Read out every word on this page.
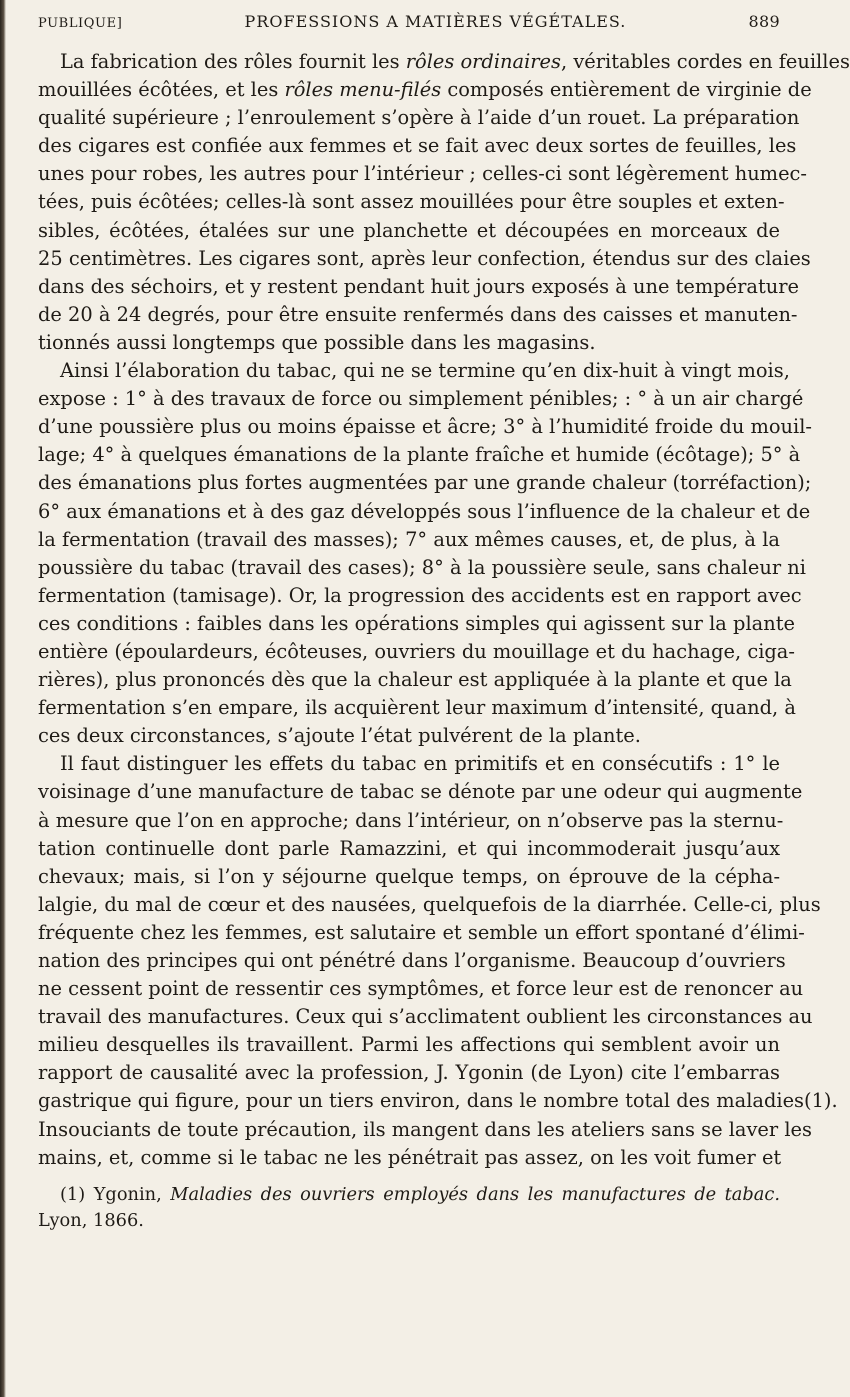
PUBLIQUE]	PROFESSIONS A MATIÈRES VÉGÉTALES.	889
La fabrication des rôles fournit les rôles ordinaires, véritables cordes en feuilles
mouillées écôtées, et les rôles menu-filés composés entièrement de virginie de
qualité supérieure ; l’enroulement s’opère à l’aide d’un rouet. La préparation
des cigares est confiée aux femmes et se fait avec deux sortes de feuilles, les
unes pour robes, les autres pour l’intérieur ; celles-ci sont légèrement humec-
tées, puis écôtées; celles-là sont assez mouillées pour être souples et exten-
sibles, écôtées, étalées sur une planchette et découpées en morceaux de
25 centimètres. Les cigares sont, après leur confection, étendus sur des claies
dans des séchoirs, et y restent pendant huit jours exposés à une température
de 20 à 24 degrés, pour être ensuite renfermés dans des caisses et manuten-
tionnés aussi longtemps que possible dans les magasins.
Ainsi l’élaboration du tabac, qui ne se termine qu’en dix-huit à vingt mois,
expose : 1° à des travaux de force ou simplement pénibles; : ° à un air chargé
d’une poussière plus ou moins épaisse et âcre; 3° à l’humidité froide du mouil-
lage; 4° à quelques émanations de la plante fraîche et humide (écôtage); 5° à
des émanations plus fortes augmentées par une grande chaleur (torréfaction);
6° aux émanations et à des gaz développés sous l’influence de la chaleur et de
la fermentation (travail des masses); 7° aux mêmes causes, et, de plus, à la
poussière du tabac (travail des cases); 8° à la poussière seule, sans chaleur ni
fermentation (tamisage). Or, la progression des accidents est en rapport avec
ces conditions : faibles dans les opérations simples qui agissent sur la plante
entière (époulardeurs, écôteuses, ouvriers du mouillage et du hachage, ciga-
rières), plus prononcés dès que la chaleur est appliquée à la plante et que la
fermentation s’en empare, ils acquièrent leur maximum d’intensité, quand, à
ces deux circonstances, s’ajoute l’état pulvérent de la plante.
Il faut distinguer les effets du tabac en primitifs et en consécutifs : 1° le
voisinage d’une manufacture de tabac se dénote par une odeur qui augmente
à mesure que l’on en approche; dans l’intérieur, on n’observe pas la sternu-
tation continuelle dont parle Ramazzini, et qui incommoderait jusqu’aux
chevaux; mais, si l’on y séjourne quelque temps, on éprouve de la cépha-
lalgie, du mal de cœur et des nausées, quelquefois de la diarrhée. Celle-ci, plus
fréquente chez les femmes, est salutaire et semble un effort spontané d’élimi-
nation des principes qui ont pénétré dans l’organisme. Beaucoup d’ouvriers
ne cessent point de ressentir ces symptômes, et force leur est de renoncer au
travail des manufactures. Ceux qui s’acclimatent oublient les circonstances au
milieu desquelles ils travaillent. Parmi les affections qui semblent avoir un
rapport de causalité avec la profession, J. Ygonin (de Lyon) cite l’embarras
gastrique qui figure, pour un tiers environ, dans le nombre total des maladies(1).
Insouciants de toute précaution, ils mangent dans les ateliers sans se laver les
mains, et, comme si le tabac ne les pénétrait pas assez, on les voit fumer et
(1) Ygonin, Maladies des ouvriers employés dans les manufactures de tabac.
Lyon, 1866.
